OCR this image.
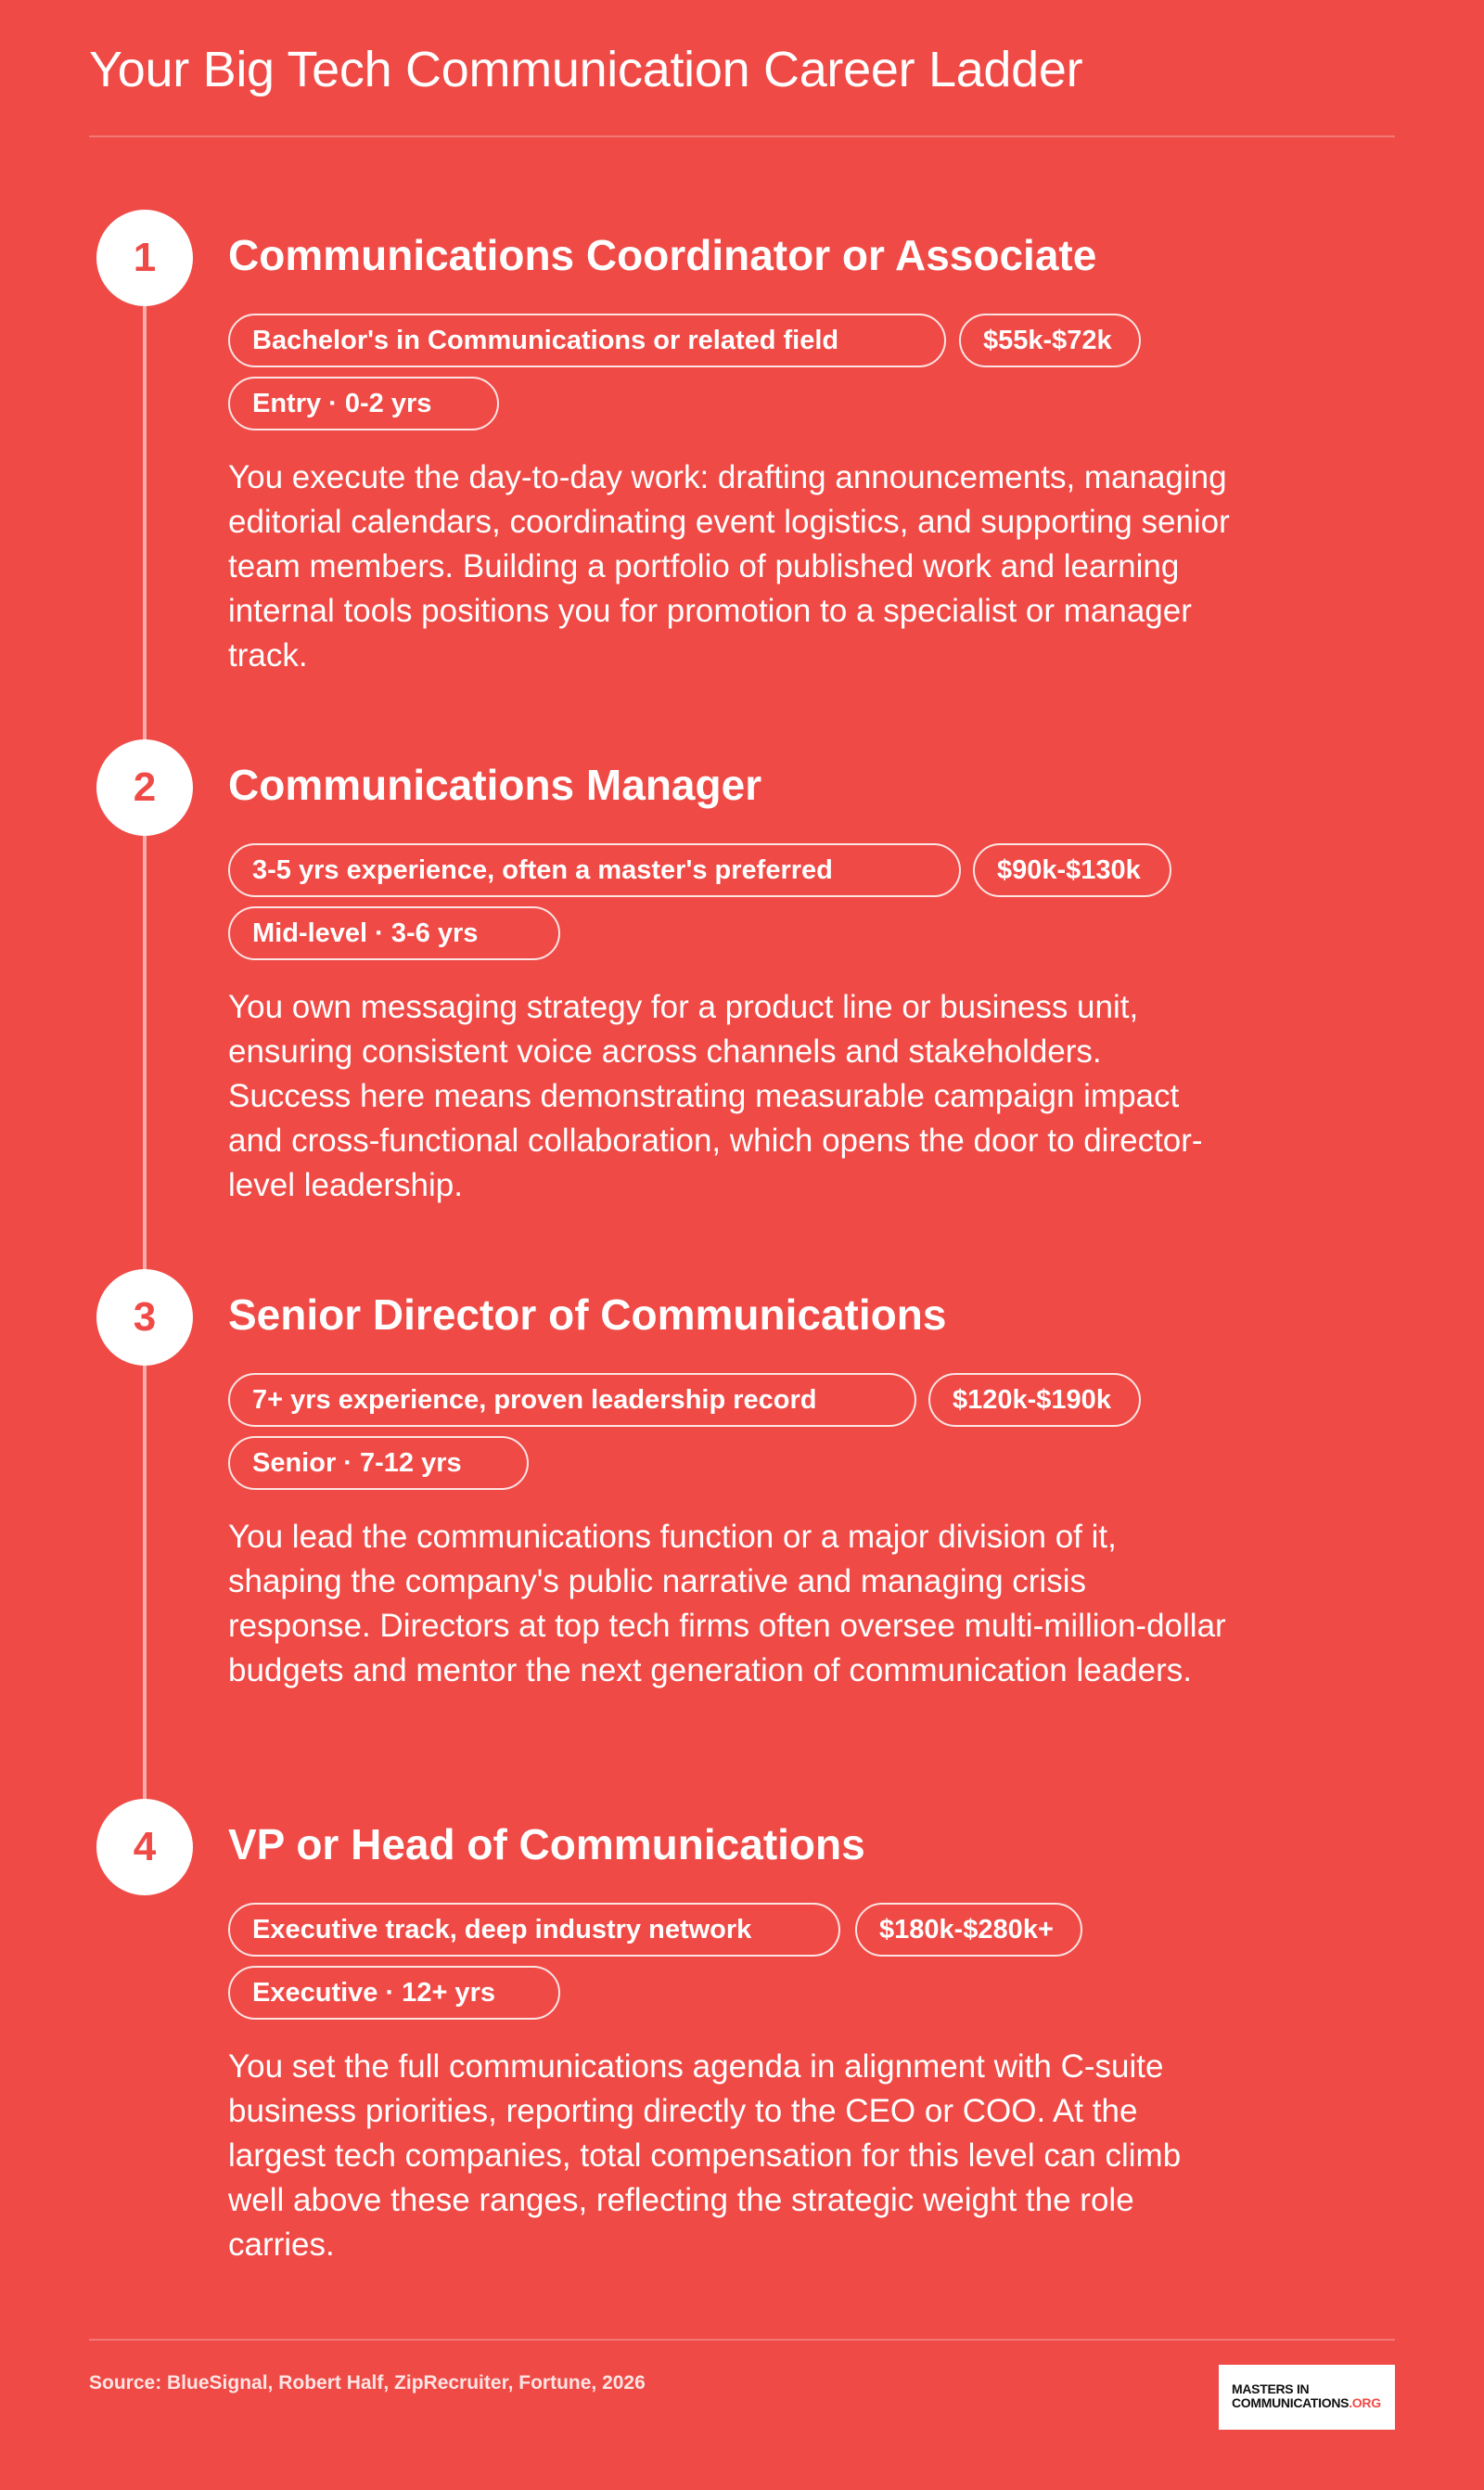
Your Big Tech Communication Career Ladder
1	Communications Coordinator or Associate
Bachelor's in Communications or related field	$55k-$72k
Entry · 0-2 yrs
You execute the day-to-day work: drafting announcements, managing editorial calendars, coordinating event logistics, and supporting senior team members. Building a portfolio of published work and learning internal tools positions you for promotion to a specialist or manager track.
2	Communications Manager
3-5 yrs experience, often a master's preferred	$90k-$130k
Mid-level · 3-6 yrs
You own messaging strategy for a product line or business unit, ensuring consistent voice across channels and stakeholders. Success here means demonstrating measurable campaign impact and cross-functional collaboration, which opens the door to director-level leadership.
3	Senior Director of Communications
7+ yrs experience, proven leadership record	$120k-$190k
Senior · 7-12 yrs
You lead the communications function or a major division of it, shaping the company's public narrative and managing crisis response. Directors at top tech firms often oversee multi-million-dollar budgets and mentor the next generation of communication leaders.
4	VP or Head of Communications
Executive track, deep industry network	$180k-$280k+
Executive · 12+ yrs
You set the full communications agenda in alignment with C-suite business priorities, reporting directly to the CEO or COO. At the largest tech companies, total compensation for this level can climb well above these ranges, reflecting the strategic weight the role carries.
Source: BlueSignal, Robert Half, ZipRecruiter, Fortune, 2026	MASTERS IN
COMMUNICATIONS.ORG
